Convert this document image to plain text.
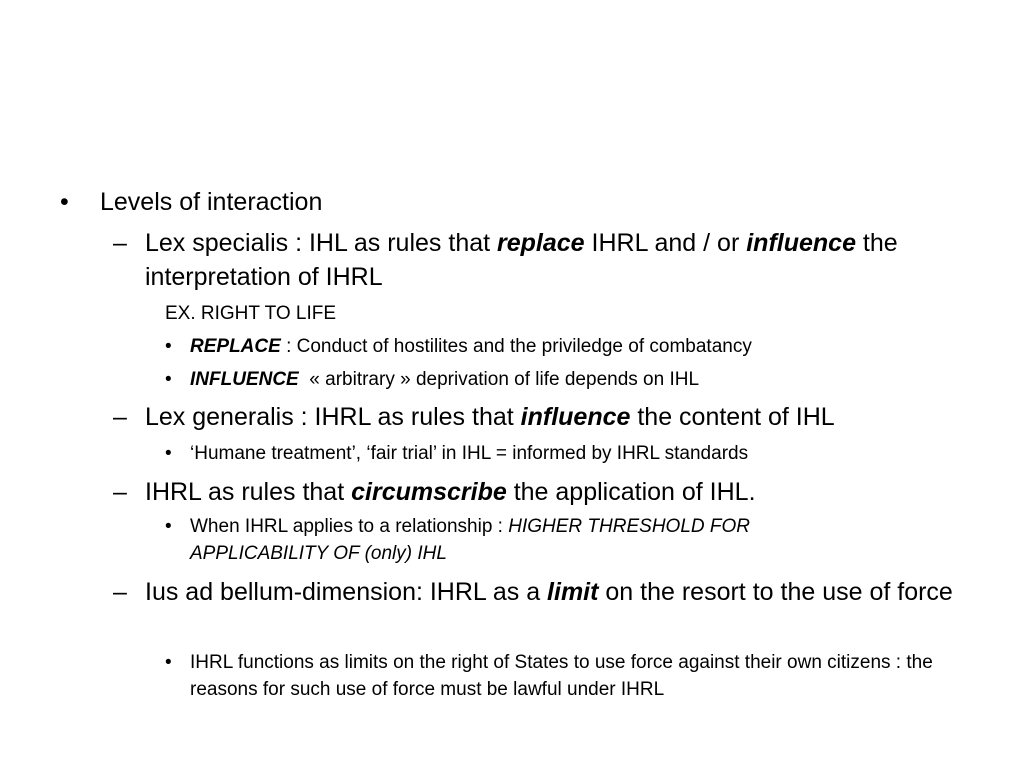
•	Levels of interaction
– Lex specialis : IHL as rules that replace IHRL and / or influence the interpretation of IHRL
EX. RIGHT TO LIFE
• REPLACE : Conduct of hostilites and the priviledge of combatancy
• INFLUENCE  « arbitrary » deprivation of life depends on IHL
– Lex generalis : IHRL as rules that influence the content of IHL
• ‘Humane treatment’, ‘fair trial’ in IHL = informed by IHRL standards
– IHRL as rules that circumscribe the application of IHL.
• When IHRL applies to a relationship : HIGHER THRESHOLD FOR APPLICABILITY OF (only) IHL
– Ius ad bellum-dimension: IHRL as a limit on the resort to the use of force
• IHRL functions as limits on the right of States to use force against their own citizens : the reasons for such use of force must be lawful under IHRL
